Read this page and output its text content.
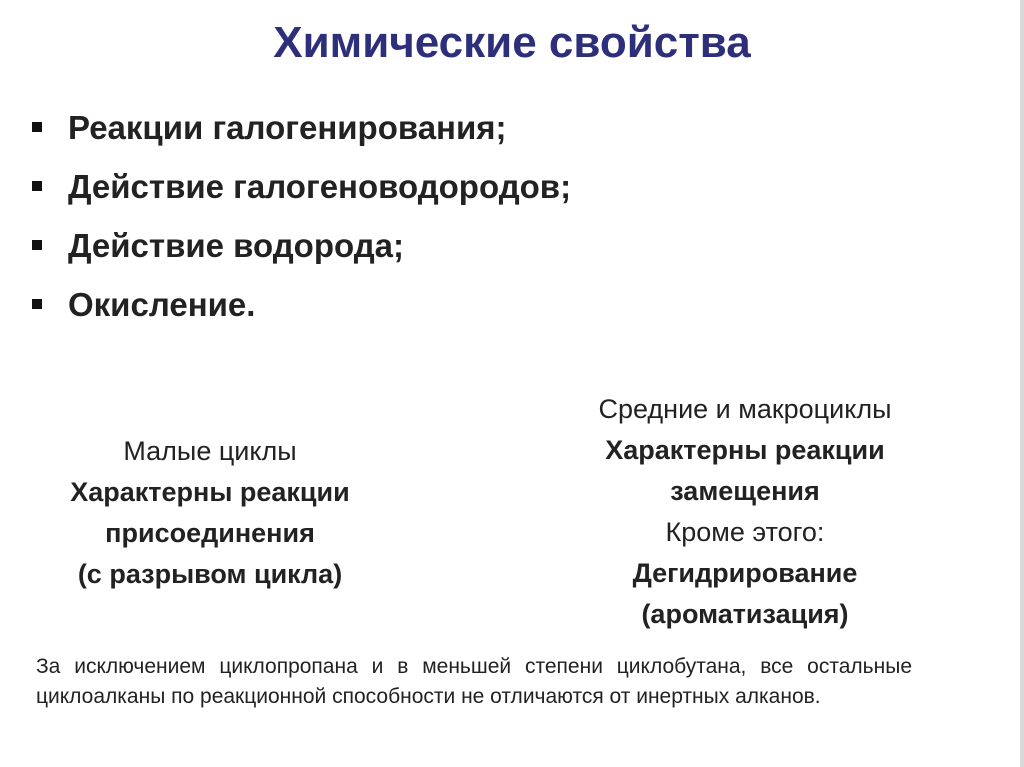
Химические свойства
Реакции галогенирования;
Действие галогеноводородов;
Действие водорода;
Окисление.
Малые циклы
Характерны реакции
присоединения
(с разрывом цикла)
Средние и макроциклы
Характерны реакции
замещения
Кроме этого:
Дегидрирование
(ароматизация)

За исключением циклопропана и в меньшей степени циклобутана, все остальные циклоалканы по реакционной способности не отличаются от инертных алканов.
